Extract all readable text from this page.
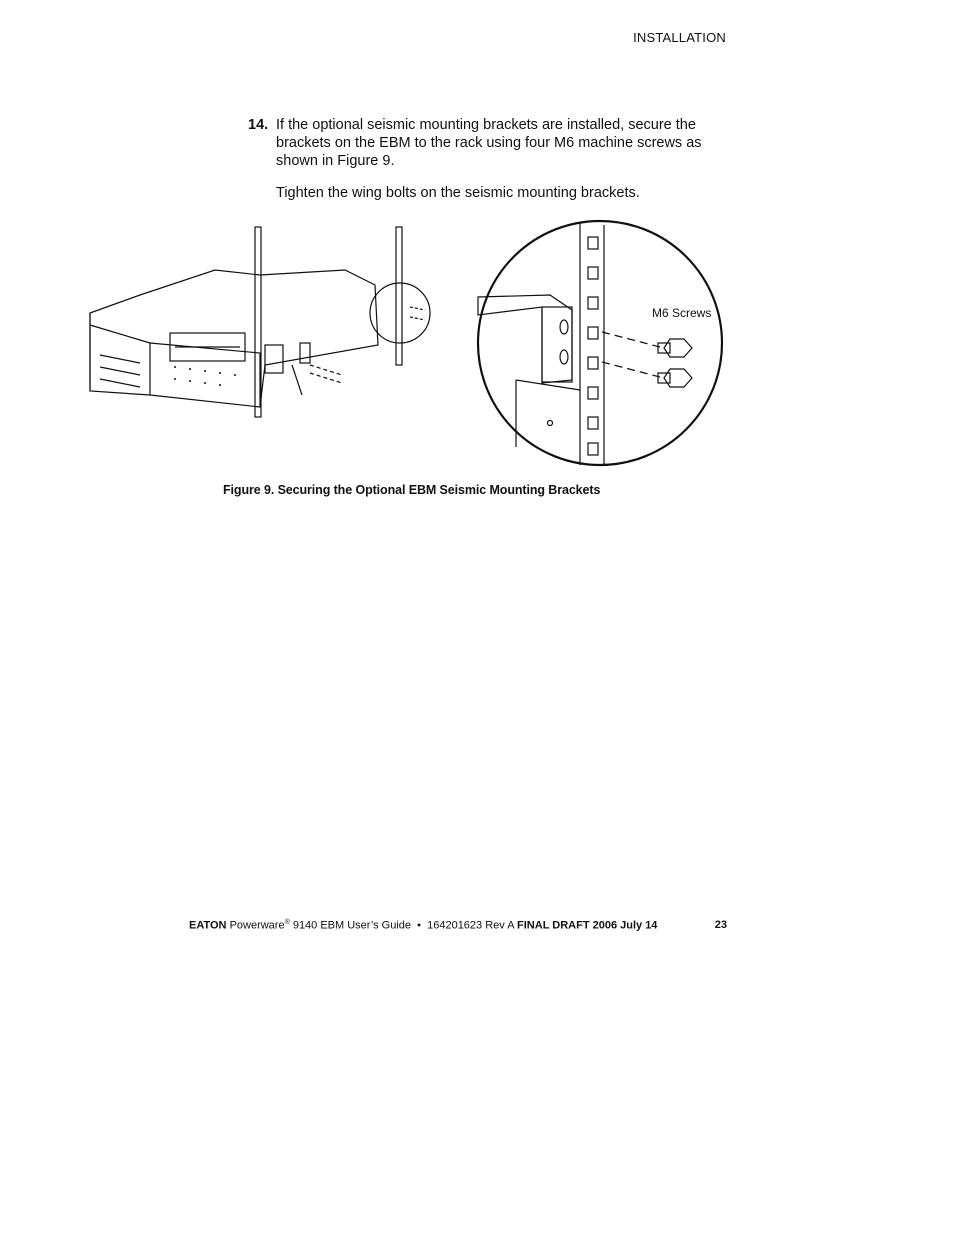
INSTALLATION
14. If the optional seismic mounting brackets are installed, secure the brackets on the EBM to the rack using four M6 machine screws as shown in Figure 9.
Tighten the wing bolts on the seismic mounting brackets.
M6 Screws
Figure 9. Securing the Optional EBM Seismic Mounting Brackets
EATON Powerware® 9140 EBM User’s Guide  •  164201623 Rev A FINAL DRAFT 2006 July 14	23
